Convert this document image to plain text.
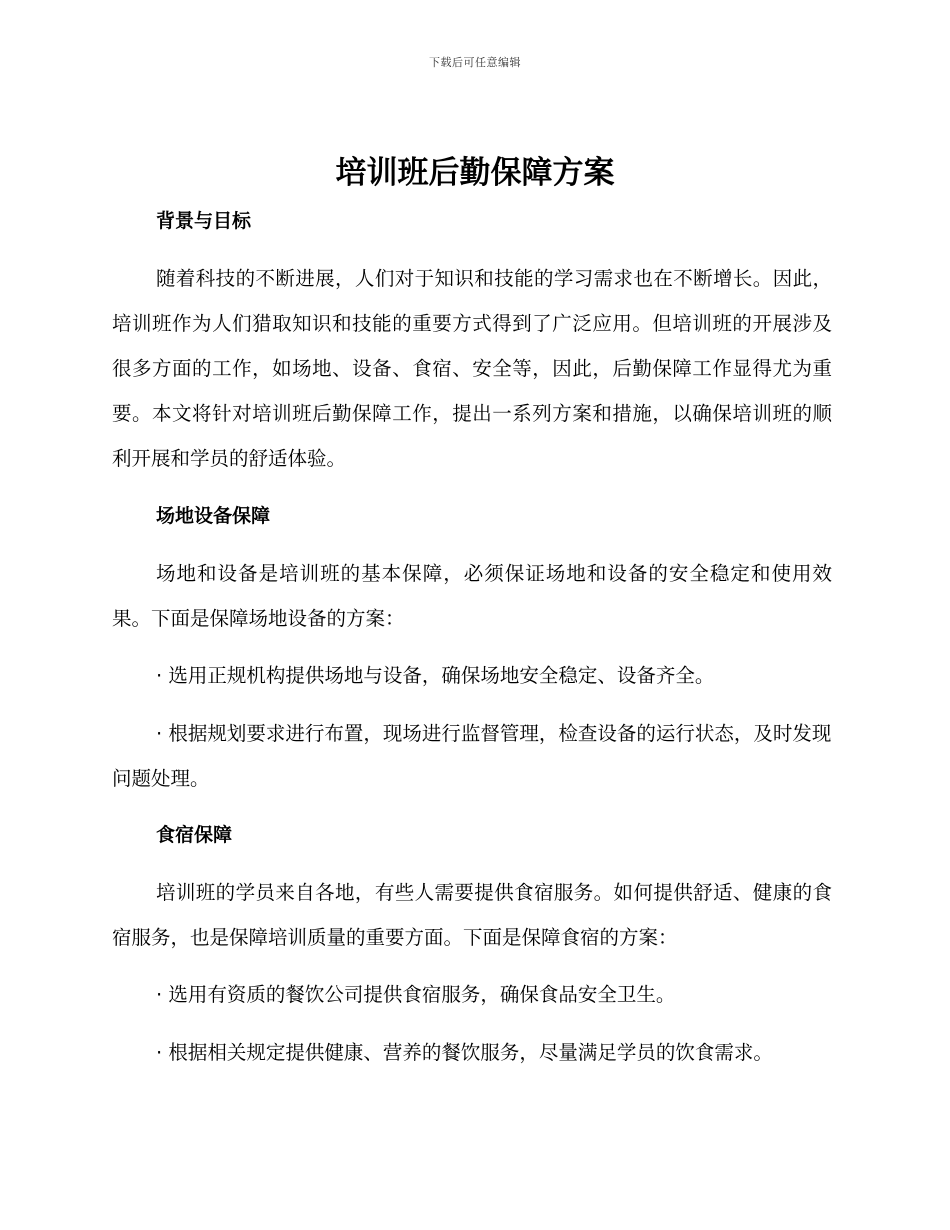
下载后可任意编辑
培训班后勤保障方案
背景与目标

随着科技的不断进展，人们对于知识和技能的学习需求也在不断增长。因此，培训班作为人们猎取知识和技能的重要方式得到了广泛应用。但培训班的开展涉及很多方面的工作，如场地、设备、食宿、安全等，因此，后勤保障工作显得尤为重要。本文将针对培训班后勤保障工作，提出一系列方案和措施，以确保培训班的顺利开展和学员的舒适体验。

场地设备保障

场地和设备是培训班的基本保障，必须保证场地和设备的安全稳定和使用效果。下面是保障场地设备的方案：

· 选用正规机构提供场地与设备，确保场地安全稳定、设备齐全。

· 根据规划要求进行布置，现场进行监督管理，检查设备的运行状态，及时发现问题处理。

食宿保障

培训班的学员来自各地，有些人需要提供食宿服务。如何提供舒适、健康的食宿服务，也是保障培训质量的重要方面。下面是保障食宿的方案：

· 选用有资质的餐饮公司提供食宿服务，确保食品安全卫生。

· 根据相关规定提供健康、营养的餐饮服务，尽量满足学员的饮食需求。
